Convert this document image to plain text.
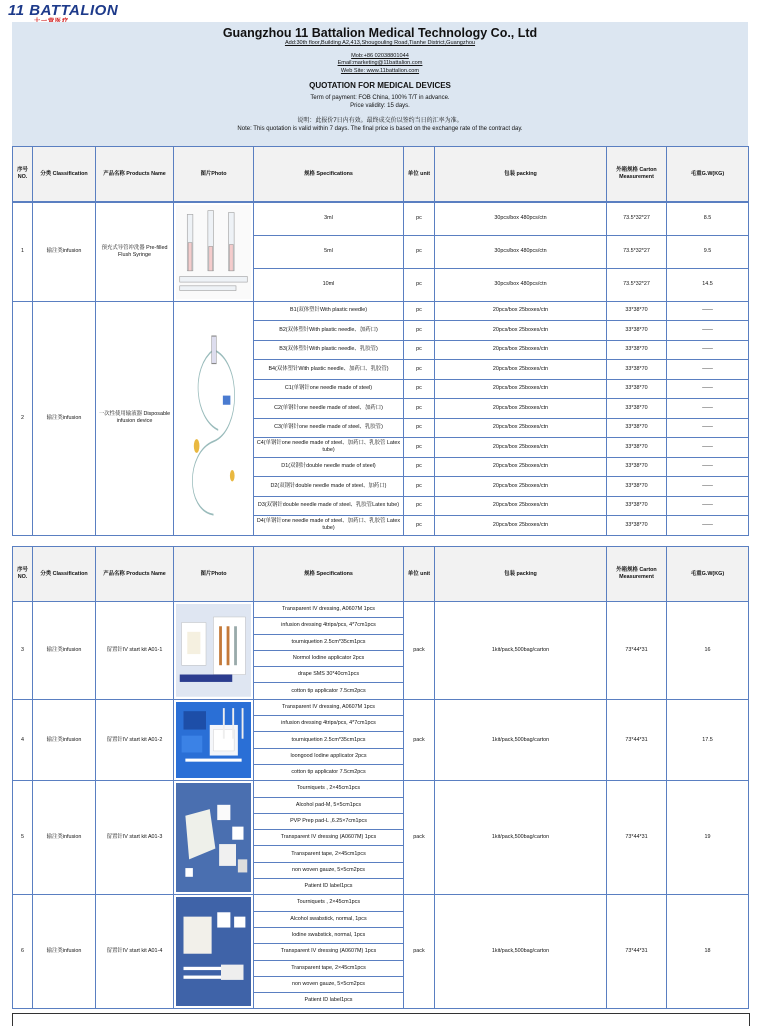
11 BATTALION
Guangzhou 11 Battalion Medical Technology Co., Ltd
Add:30th floor,Building A2,413,Shougouling Road,Tianhe District,Guangzhou
Mob:+86 02038801044
Email:marketing@11battalion.com
Web Site: www.11battalion.com
QUOTATION FOR MEDICAL DEVICES
Term of payment: FOB China, 100% T/T in advance.
Price validity: 15 days.
说明：此报价7日内有效。最终成交价以签约当日的汇率为准。
Note: This quotation is valid within 7 days. The final price is based on the exchange rate of the contract day.
序号 NO.	分类 Classification	产品名称 Products Name	图片Photo	规格 Specifications	单位 unit	包装 packing	外箱规格 Carton Measurement	毛重G.W(KG)

1	输注类infusion	预充式导管冲洗器 Pre-filled Flush Syringe		3ml	pc	30pcs/box 480pcs/ctn	73.5*32*27	8.5
				5ml	pc	30pcs/box 480pcs/ctn	73.5*32*27	9.5
				10ml	pc	30pcs/box 480pcs/ctn	73.5*32*27	14.5
2	输注类infusion	一次性使用输液器 Disposable infusion device		B1(双体塑针With plastic needle)	pc	20pcs/box 25boxes/ctn	33*38*70	——
				B2(双体塑针With plastic needle、加药口)	pc	20pcs/box 25boxes/ctn	33*38*70	——
				B3(双体塑针With plastic needle、乳胶管)	pc	20pcs/box 25boxes/ctn	33*38*70	——
				B4(双体塑针With plastic needle、加药口、乳胶管)	pc	20pcs/box 25boxes/ctn	33*38*70	——
				C1(单钢针one needle made of steel)	pc	20pcs/box 25boxes/ctn	33*38*70	——
				C2(单钢针one needle made of steel、加药口)	pc	20pcs/box 25boxes/ctn	33*38*70	——
				C3(单钢针one needle made of steel、乳胶管)	pc	20pcs/box 25boxes/ctn	33*38*70	——
				C4(单钢针one needle made of steel、加药口、乳胶管 Latex tube)	pc	20pcs/box 25boxes/ctn	33*38*70	——
				D1(双钢针double needle made of steel)	pc	20pcs/box 25boxes/ctn	33*38*70	——
				D2(双钢针double needle made of steel、加药口)	pc	20pcs/box 25boxes/ctn	33*38*70	——
				D3(双钢针double needle made of steel、乳胶管Latex tube)	pc	20pcs/box 25boxes/ctn	33*38*70	——
				D4(单钢针one needle made of steel、加药口、乳胶管 Latex tube)	pc	20pcs/box 25boxes/ctn	33*38*70	——
序号 NO.	分类 Classification	产品名称 Products Name	图片Photo	规格 Specifications	单位 unit	包装 packing	外箱规格 Carton Measurement	毛重G.W(KG)
3	输注类infusion	留置针IV start kit A01-1		Transparent IV dressing, A0607M 1pcs	pack	1kit/pack,500bag/carton	73*44*31	16
				infusion dressing 4trips/pcs, 4*7cm1pcs				
				tourniquetion 2.5cm*35cm1pcs				
				Normol Iodine applicator 2pcs				
				drape SMS 30*40cm1pcs				
				cotton tip applicator 7.5cm2pcs				
4	输注类infusion	留置针IV start kit A01-2		Transparent IV dressing, A0607M 1pcs	pack	1kit/pack,500bag/carton	73*44*31	17.5
				infusion dressing 4trips/pcs, 4*7cm1pcs				
				tourniquetion 2.5cm*35cm1pcs				
				loongood Iodine applicator 2pcs				
				cotton tip applicator 7.5cm2pcs				
5	输注类infusion	留置针IV start kit A01-3		Tourniquets , 2×45cm1pcs	pack	1kit/pack,500bag/carton	73*44*31	19
				Alcohol pad-M, 5×5cm1pcs				
				PVP Prep pad-L ,6.25×7cm1pcs				
				Transparent IV dressing (A0607M) 1pcs				
				Transparent tape, 2×45cm1pcs				
				non woven gauze, 5×5cm2pcs				
				Patient ID label1pcs				
6	输注类infusion	留置针IV start kit A01-4		Tourniquets , 2×45cm1pcs	pack	1kit/pack,500bag/carton	73*44*31	18
				Alcohol swabstick, normal, 1pcs				
				Iodine swabstick, normal, 1pcs				
				Transparent IV dressing (A0607M) 1pcs				
				Transparent tape, 2×45cm1pcs				
				non woven gauze, 5×5cm2pcs				
				Patient ID label1pcs				
